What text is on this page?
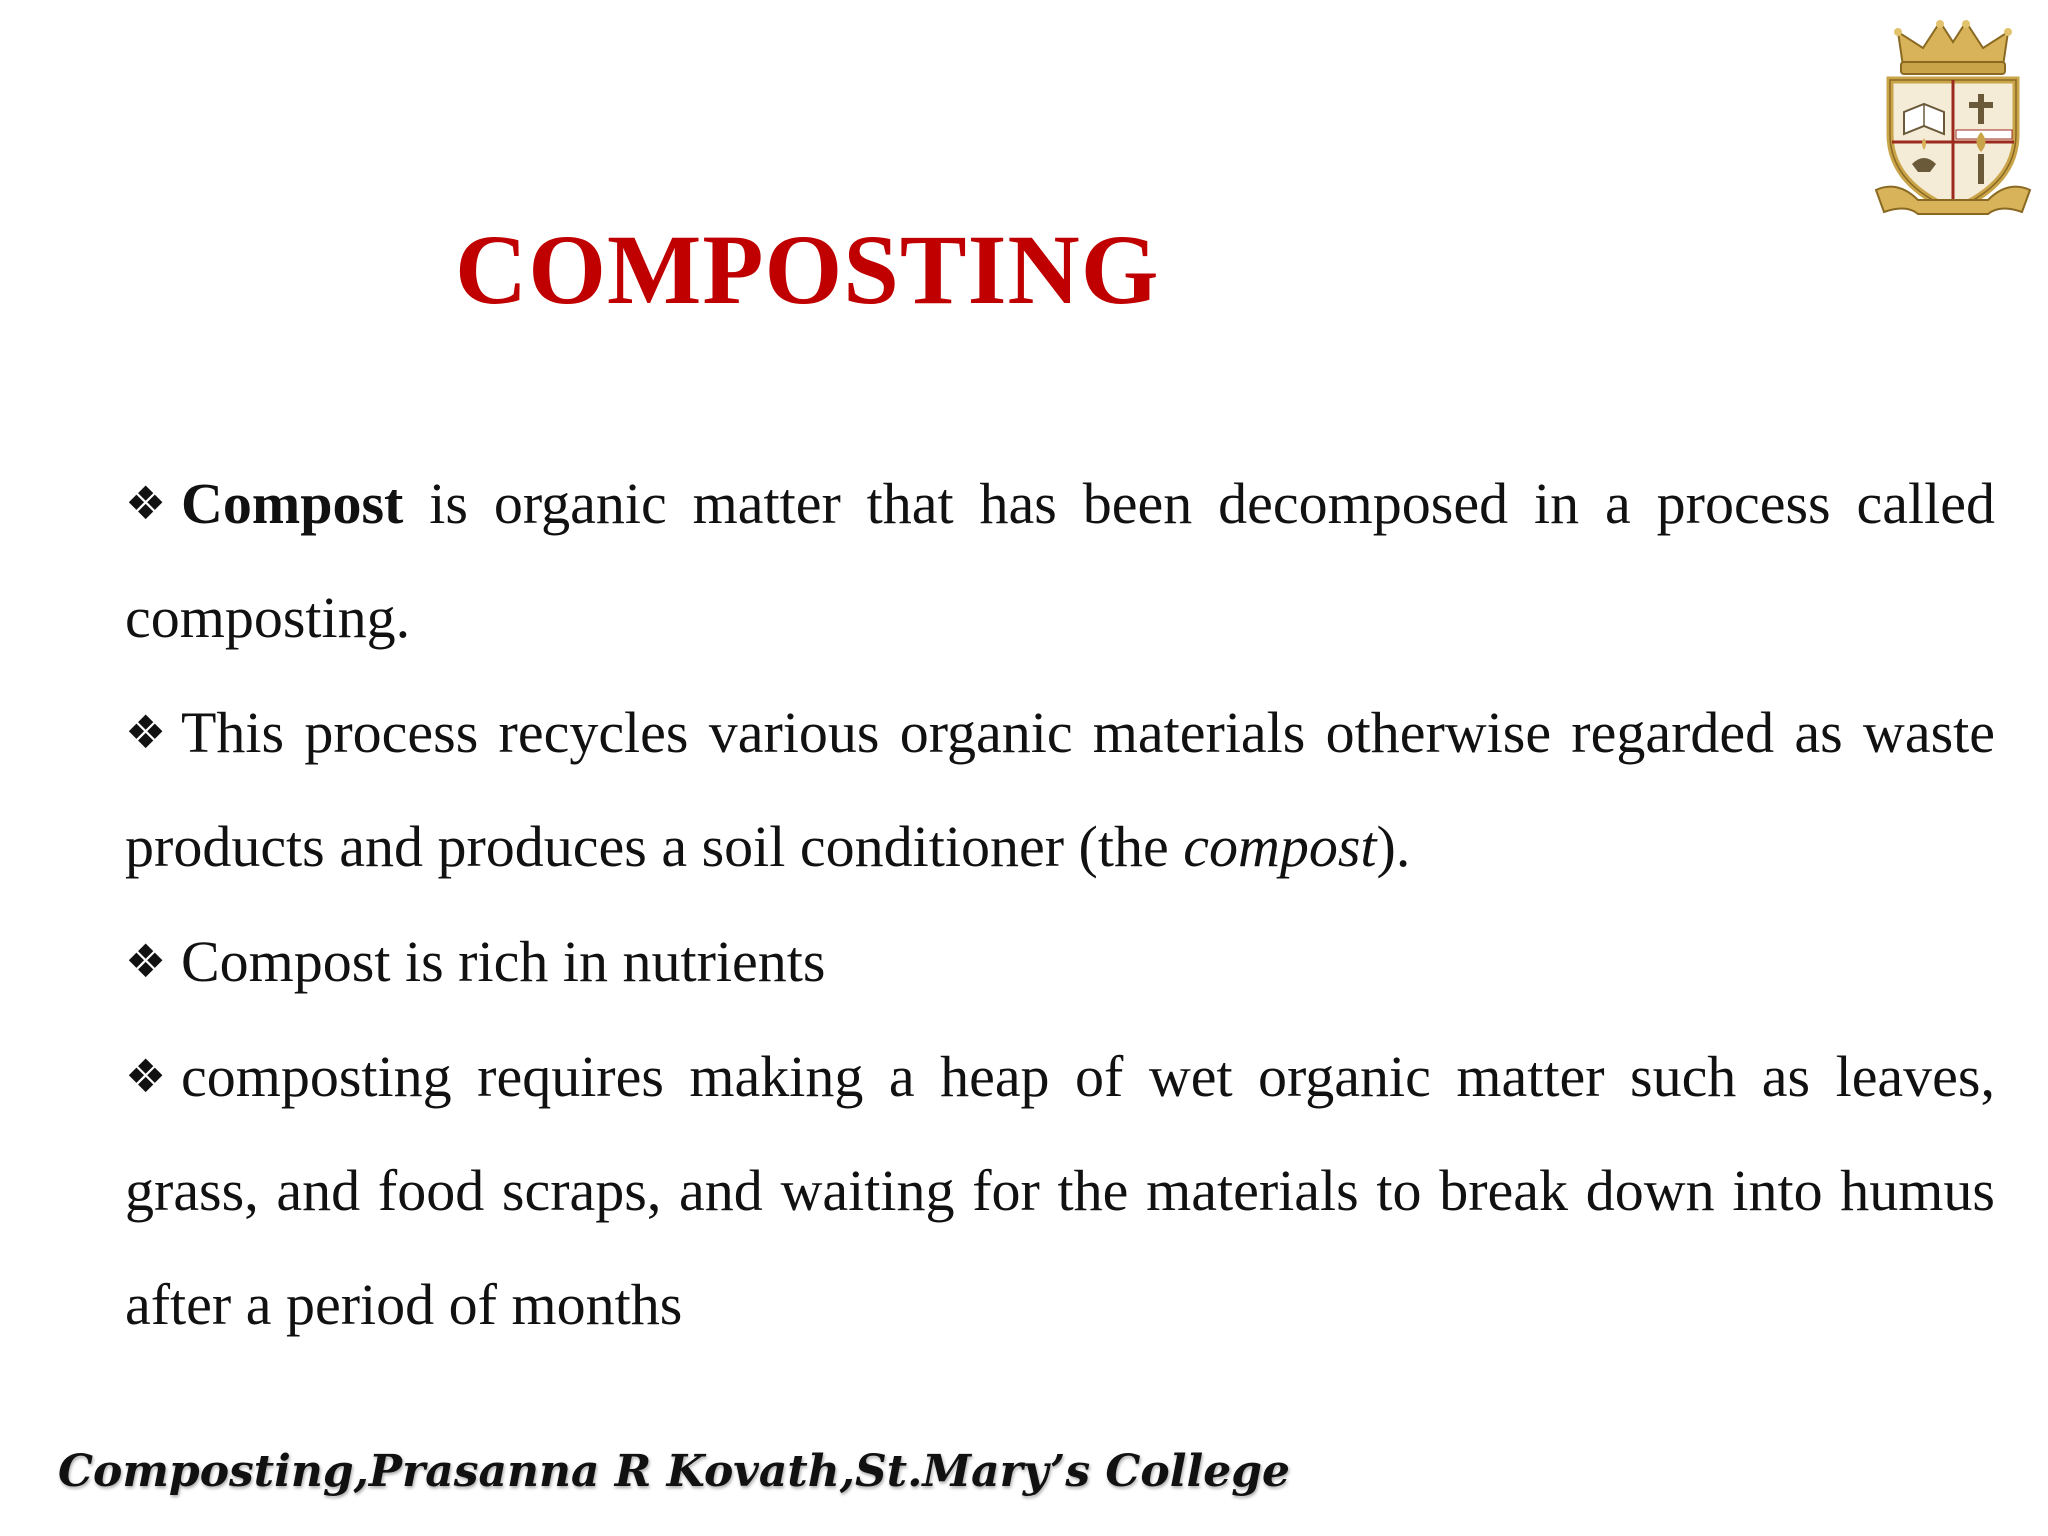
COMPOSTING

❖ Compost is organic matter that has been decomposed in a process called composting.

❖ This process recycles various organic materials otherwise regarded as waste products and produces a soil conditioner (the compost).

❖ Compost is rich in nutrients

❖ composting requires making a heap of wet organic matter such as leaves, grass, and food scraps, and waiting for the materials to break down into humus after a period of months

Composting,Prasanna R Kovath,St.Mary’s College
